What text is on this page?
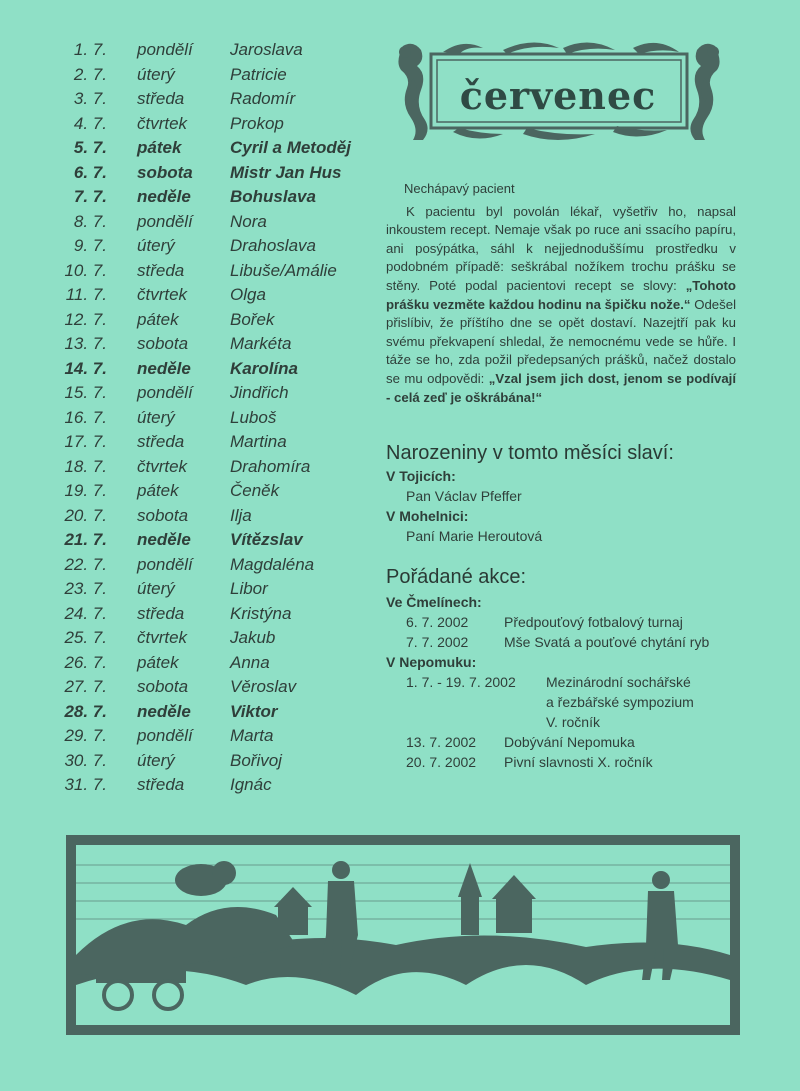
1. 7. pondělí Jaroslava
2. 7. úterý	Patricie
3. 7. středa	Radomír
4. 7. čtvrtek	Prokop
5. 7. pátek	Cyril a Metoděj
6. 7. sobota Mistr Jan Hus
7. 7. neděle Bohuslava
8. 7. pondělí Nora
9. 7. úterý	Drahoslava
10. 7. středa	Libuše/Amálie
11. 7. čtvrtek	Olga
12. 7. pátek	Bořek
13. 7. sobota Markéta
14. 7. neděle Karolína
15. 7. pondělí Jindřich
16. 7. úterý	Luboš
17. 7. středa	Martina
18. 7. čtvrtek	Drahomíra
19. 7. pátek	Čeněk
20. 7. sobota Ilja
21. 7. neděle Vítězslav
22. 7. pondělí Magdaléna
23. 7. úterý	Libor
24. 7. středa	Kristýna
25. 7. čtvrtek	Jakub
26. 7. pátek	Anna
27. 7. sobota Věroslav
28. 7. neděle Viktor
29. 7. pondělí Marta
30. 7. úterý	Bořivoj
31. 7. středa	Ignác
červenec
Nechápavý pacient

K pacientu byl povolán lékař, vyšetřiv ho, napsal inkoustem recept. Nemaje však po ruce ani ssacího papíru, ani posýpátka, sáhl k nejjednoduššímu prostředku v podobném případě: seškrábal nožíkem trochu prášku se stěny. Poté podal pacientovi recept se slovy: „Tohoto prášku vezměte každou hodinu na špičku nože.“ Odešel přislíbiv, že příštího dne se opět dostaví. Nazejtří pak ku svému překvapení shledal, že nemocnému vede se hůře. I táže se ho, zda požil předepsaných prášků, načež dostalo se mu odpovědi: „Vzal jsem jich dost, jenom se podívají - celá zeď je oškrábána!“

Narozeniny v tomto měsíci slaví:
V Tojicích:
Pan Václav Pfeffer
V Mohelnici:
Paní Marie Heroutová
Pořádané akce:
Ve Čmelínech:
6. 7. 2002	Předpouťový fotbalový turnaj
7. 7. 2002	Mše Svatá a pouťové chytání ryb
V Nepomuku:
1. 7. - 19. 7. 2002 Mezinárodní sochářské
a řezbářské sympozium
V. ročník
13. 7. 2002 Dobývání Nepomuka
20. 7. 2002 Pivní slavnosti X. ročník
